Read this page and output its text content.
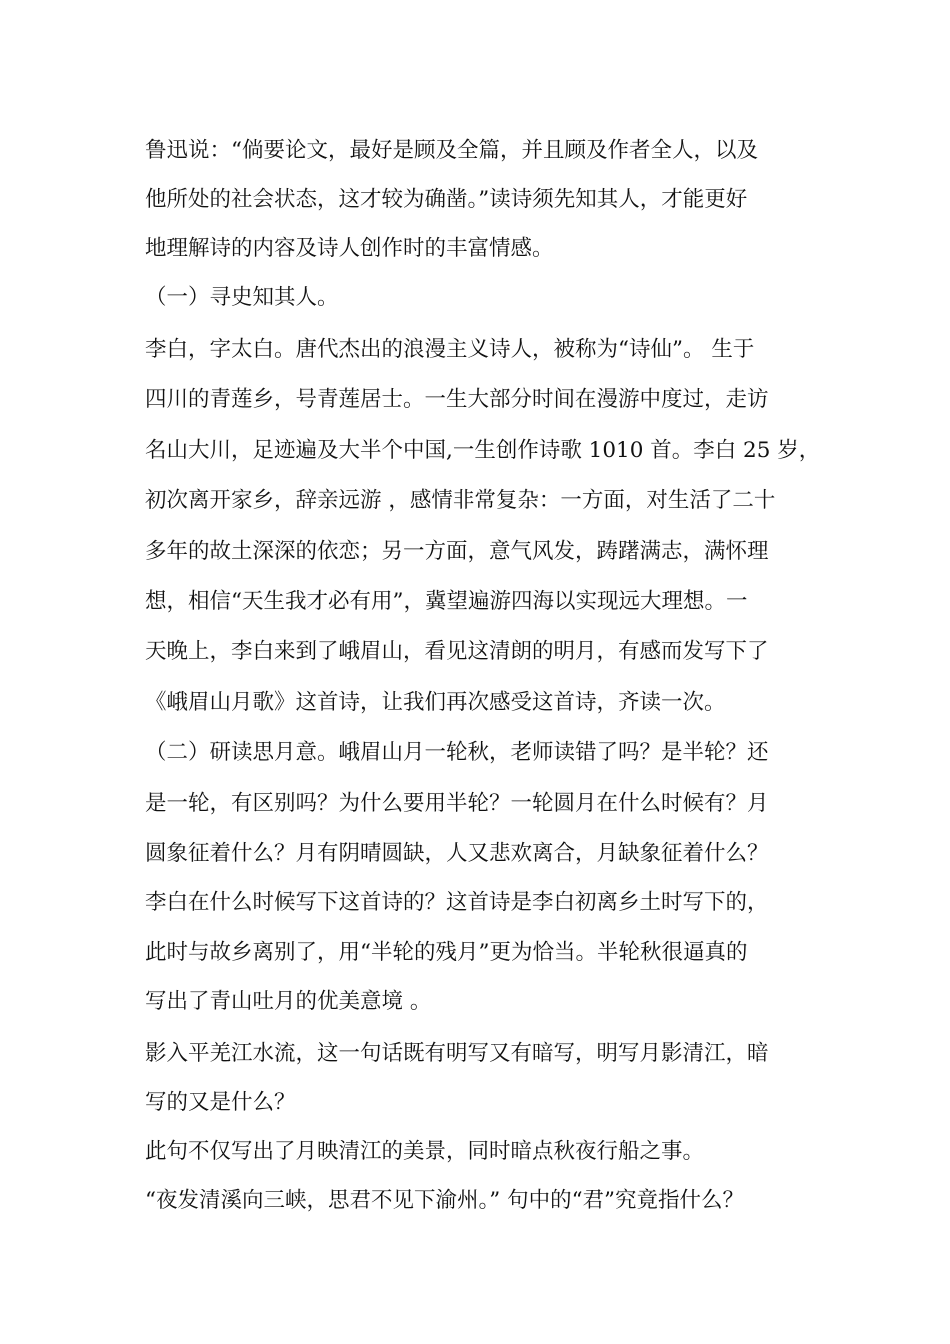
鲁迅说：“倘要论文，最好是顾及全篇，并且顾及作者全人，以及

他所处的社会状态，这才较为确凿。”读诗须先知其人，才能更好

地理解诗的内容及诗人创作时的丰富情感。

（一）寻史知其人。

李白，字太白。唐代杰出的浪漫主义诗人，被称为“诗仙”。 生于

四川的青莲乡，号青莲居士。一生大部分时间在漫游中度过，走访

名山大川，足迹遍及大半个中国,一生创作诗歌 1010 首。李白 25 岁，

初次离开家乡，辞亲远游 ，感情非常复杂：一方面，对生活了二十

多年的故土深深的依恋；另一方面，意气风发，踌躇满志，满怀理

想，相信“天生我才必有用”，冀望遍游四海以实现远大理想。一

天晚上，李白来到了峨眉山，看见这清朗的明月，有感而发写下了

《峨眉山月歌》这首诗，让我们再次感受这首诗，齐读一次。

（二）研读思月意。峨眉山月一轮秋，老师读错了吗？是半轮？还

是一轮，有区别吗？为什么要用半轮？一轮圆月在什么时候有？月

圆象征着什么？月有阴晴圆缺，人又悲欢离合，月缺象征着什么？

李白在什么时候写下这首诗的？这首诗是李白初离乡土时写下的，

此时与故乡离别了，用“半轮的残月”更为恰当。半轮秋很逼真的

写出了青山吐月的优美意境 。

影入平羌江水流，这一句话既有明写又有暗写，明写月影清江，暗

写的又是什么？

此句不仅写出了月映清江的美景，同时暗点秋夜行船之事。

“夜发清溪向三峡，思君不见下渝州。” 句中的“君”究竟指什么？
